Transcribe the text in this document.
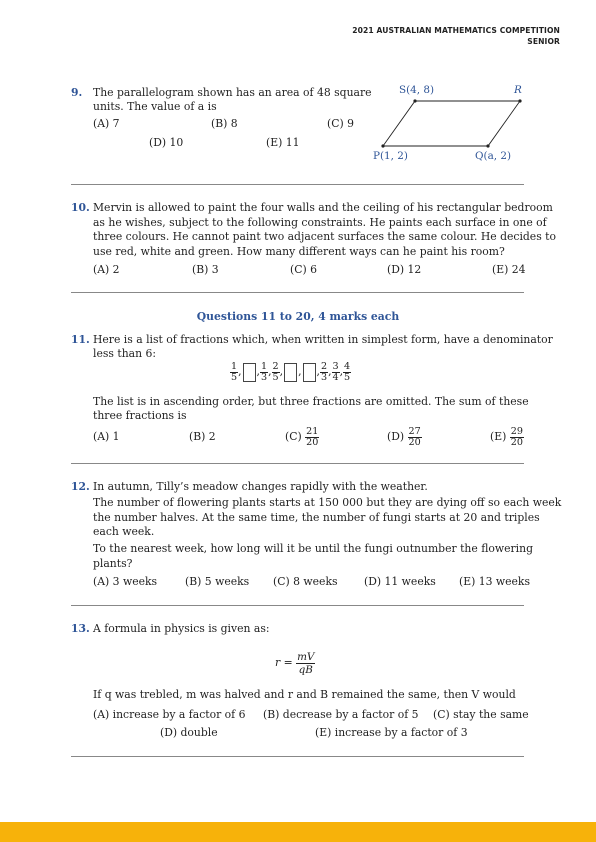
2021 AUSTRALIAN MATHEMATICS COMPETITION
SENIOR
9. The parallelogram shown has an area of 48 square
units. The value of a is
(A) 7	(B) 8	(C) 9
(D) 10	(E) 11
S(4, 8)	R
P(1, 2)	Q(a, 2)
10. Mervin is allowed to paint the four walls and the ceiling of his rectangular bedroom
as he wishes, subject to the following constraints. He paints each surface in one of
three colours. He cannot paint two adjacent surfaces the same colour. He decides to
use red, white and green. How many different ways can he paint his room?
(A) 2	(B) 3	(C) 6	(D) 12	(E) 24
Questions 11 to 20, 4 marks each
11. Here is a list of fractions which, when written in simplest form, have a denominator
less than 6:
$\frac{1}{5}$ , , $\frac{1}{3}$ , $\frac{2}{5}$ , , , $\frac{2}{3}$ , $\frac{3}{4}$ , $\frac{4}{5}$
The list is in ascending order, but three fractions are omitted. The sum of these
three fractions is
(A) 1	(B) 2	$(C) \frac{21}{20}$	$(D) \frac{27}{20}$	$(E) \frac{29}{20}$
12. In autumn, Tilly’s meadow changes rapidly with the weather.
The number of flowering plants starts at 150 000 but they are dying off so each week
the number halves. At the same time, the number of fungi starts at 20 and triples
each week.
To the nearest week, how long will it be until the fungi outnumber the flowering
plants?
(A) 3 weeks	(B) 5 weeks (C) 8 weeks (D) 11 weeks (E) 13 weeks
13. A formula in physics is given as:
$r = \frac{mV}{qB}$
If q was trebled, m was halved and r and B remained the same, then V would
(A) increase by a factor of 6 (B) decrease by a factor of 5 (C) stay the same
(D) double	(E) increase by a factor of 3
